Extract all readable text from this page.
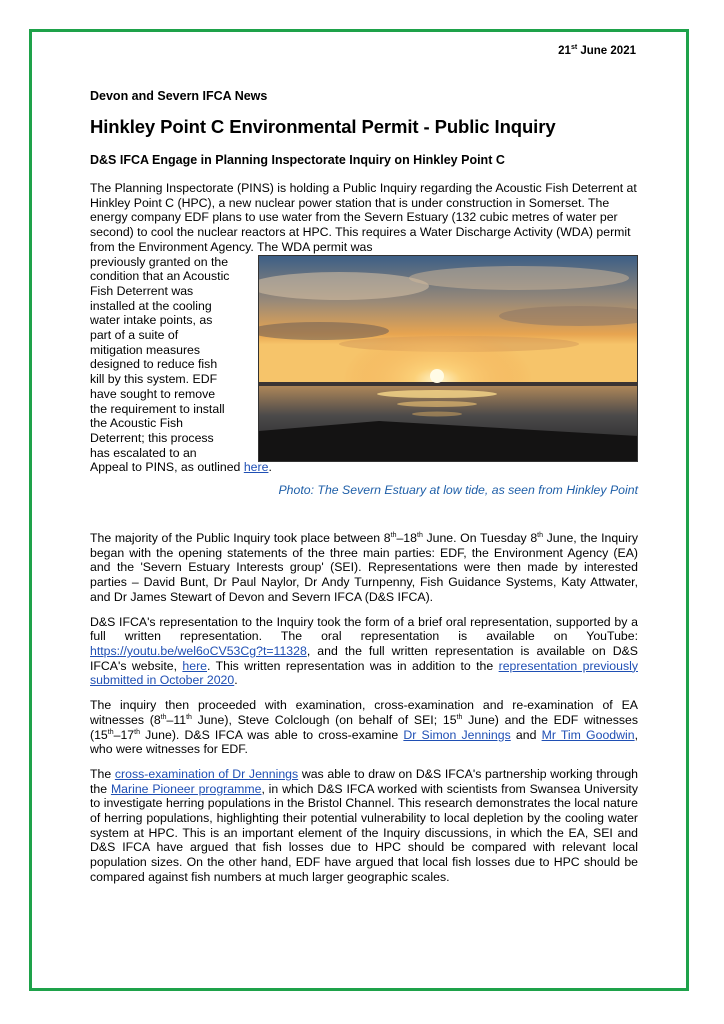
21st June 2021
Devon and Severn IFCA News
Hinkley Point C Environmental Permit - Public Inquiry
D&S IFCA Engage in Planning Inspectorate Inquiry on Hinkley Point C

The Planning Inspectorate (PINS) is holding a Public Inquiry regarding the Acoustic Fish Deterrent at Hinkley Point C (HPC), a new nuclear power station that is under construction in Somerset. The energy company EDF plans to use water from the Severn Estuary (132 cubic metres of water per second) to cool the nuclear reactors at HPC. This requires a Water Discharge Activity (WDA) permit from the Environment Agency. The WDA permit was

previously granted on the

condition that an Acoustic

Fish Deterrent was

installed at the cooling

water intake points, as

part of a suite of

mitigation measures

designed to reduce fish

kill by this system. EDF

have sought to remove

the requirement to install

the Acoustic Fish

Deterrent; this process

has escalated to an

Appeal to PINS, as outlined here.

Photo: The Severn Estuary at low tide, as seen from Hinkley Point

The majority of the Public Inquiry took place between 8th–18th June. On Tuesday 8th June, the Inquiry began with the opening statements of the three main parties: EDF, the Environment Agency (EA) and the 'Severn Estuary Interests group' (SEI). Representations were then made by interested parties – David Bunt, Dr Paul Naylor, Dr Andy Turnpenny, Fish Guidance Systems, Katy Attwater, and Dr James Stewart of Devon and Severn IFCA (D&S IFCA).

D&S IFCA's representation to the Inquiry took the form of a brief oral representation, supported by a full written representation. The oral representation is available on YouTube: https://youtu.be/wel6oCV53Cg?t=11328, and the full written representation is available on D&S IFCA's website, here. This written representation was in addition to the representation previously submitted in October 2020.

The inquiry then proceeded with examination, cross-examination and re-examination of EA witnesses (8th–11th June), Steve Colclough (on behalf of SEI; 15th June) and the EDF witnesses (15th–17th June). D&S IFCA was able to cross-examine Dr Simon Jennings and Mr Tim Goodwin, who were witnesses for EDF.

The cross-examination of Dr Jennings was able to draw on D&S IFCA's partnership working through the Marine Pioneer programme, in which D&S IFCA worked with scientists from Swansea University to investigate herring populations in the Bristol Channel. This research demonstrates the local nature of herring populations, highlighting their potential vulnerability to local depletion by the cooling water system at HPC. This is an important element of the Inquiry discussions, in which the EA, SEI and D&S IFCA have argued that fish losses due to HPC should be compared with relevant local population sizes. On the other hand, EDF have argued that local fish losses due to HPC should be compared against fish numbers at much larger geographic scales.
